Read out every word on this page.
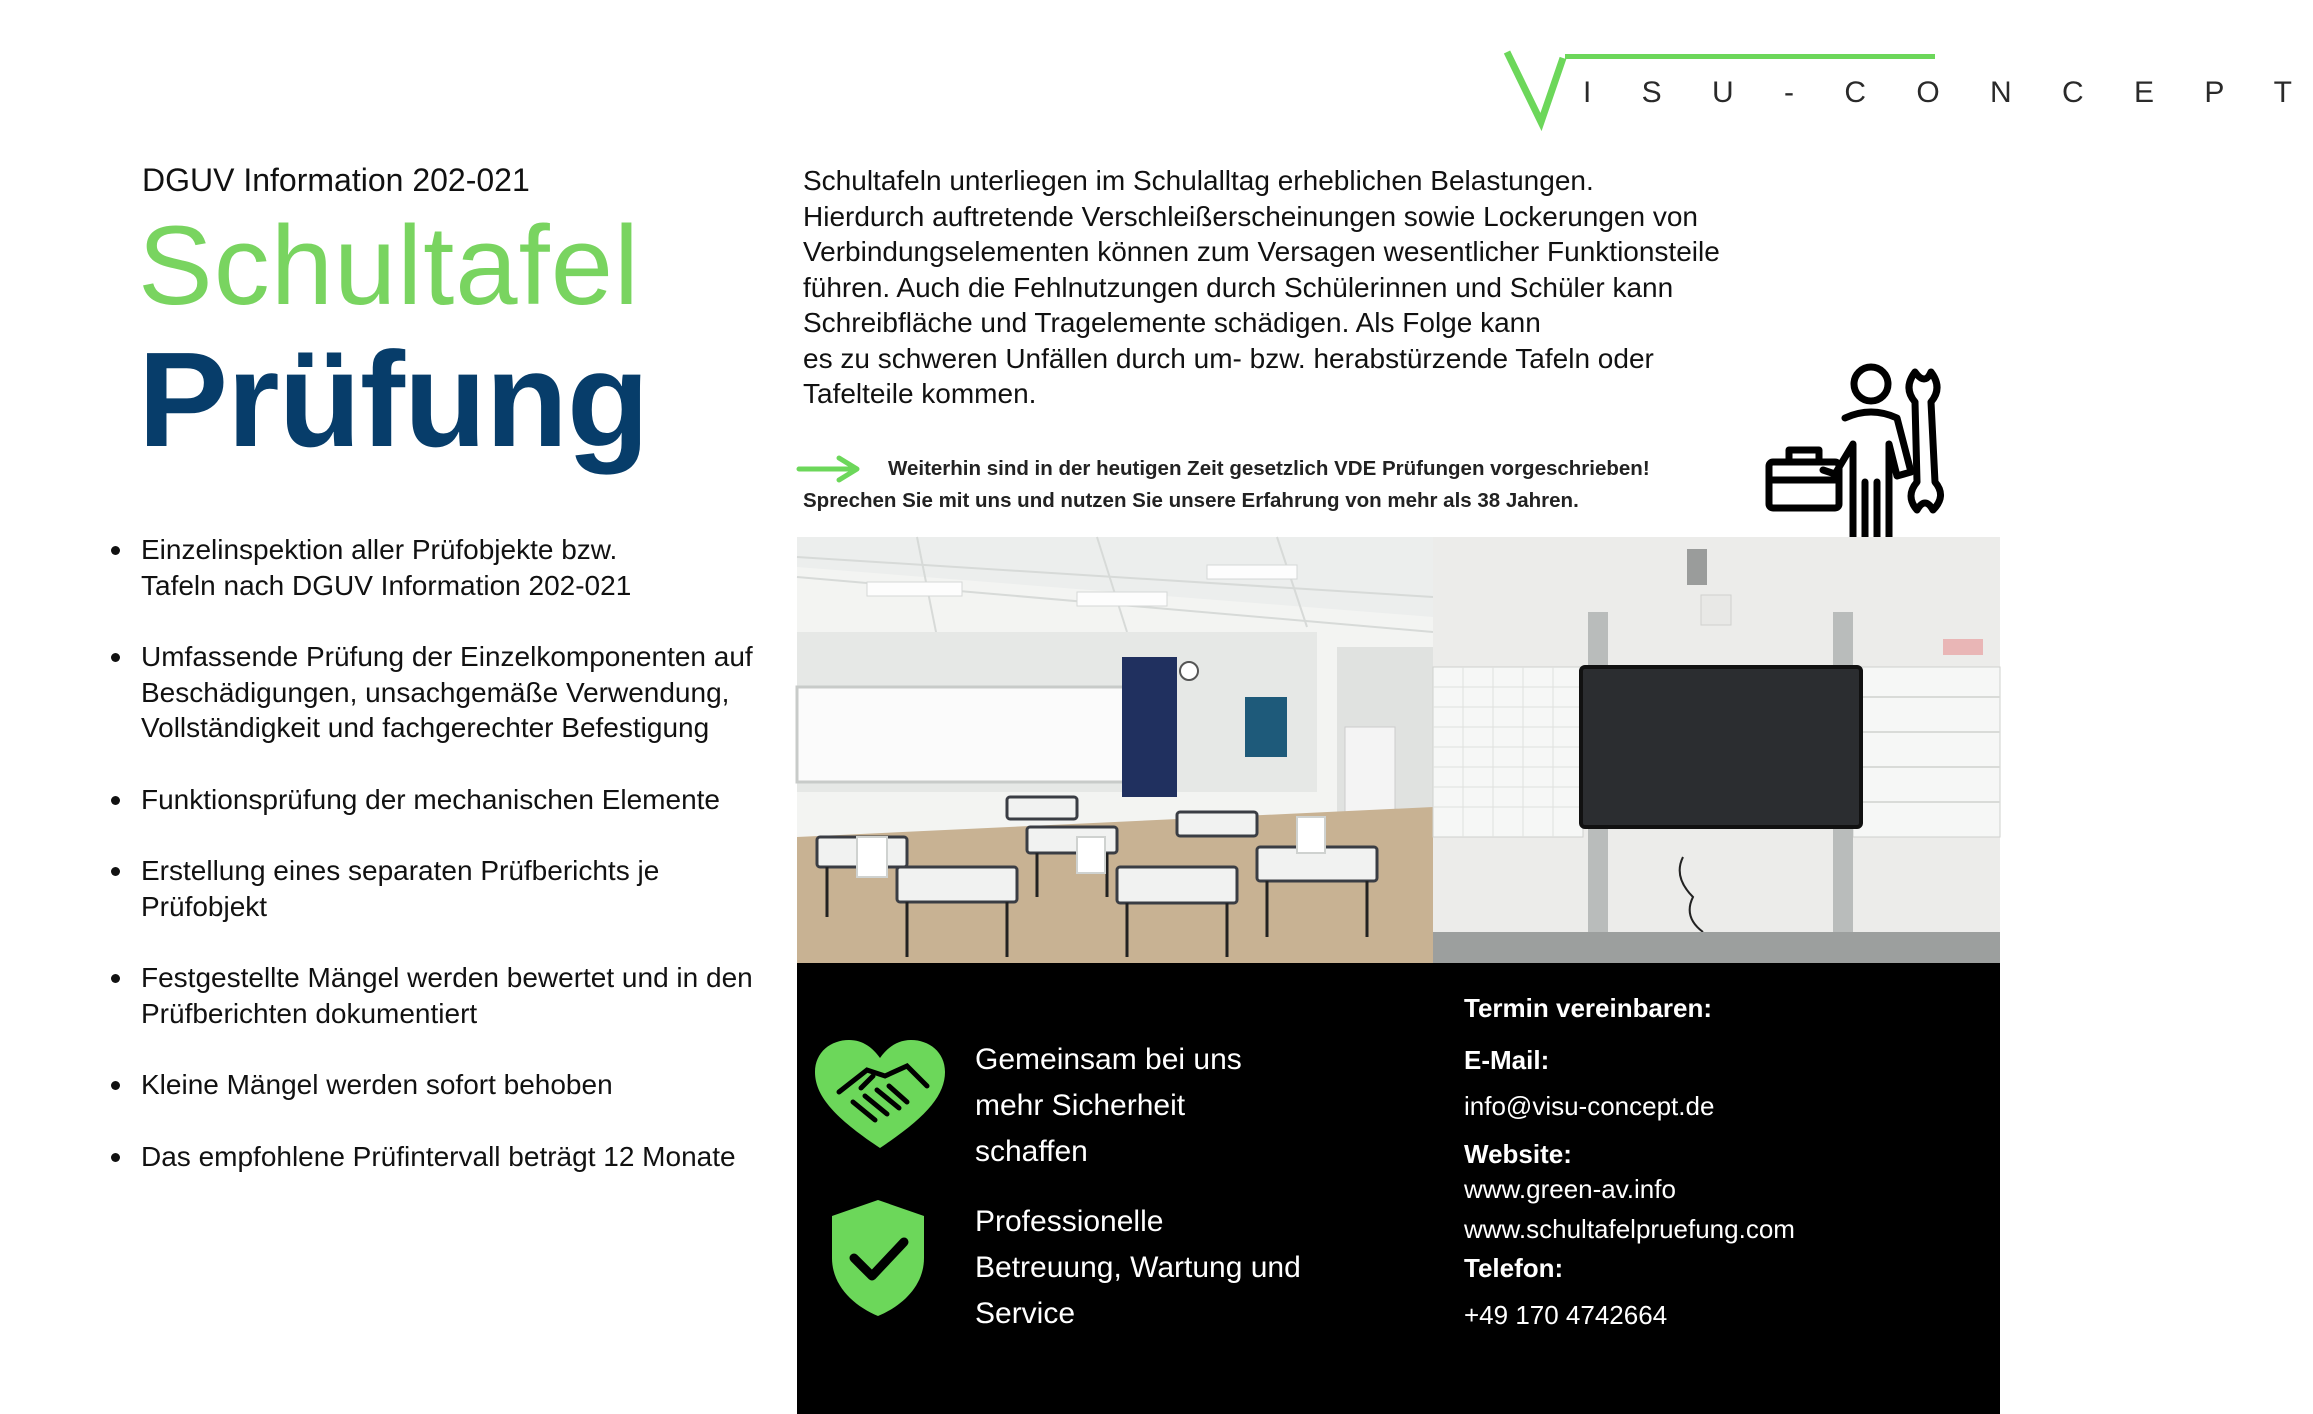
I S U - C O N C E P T
DGUV Information 202-021
Schultafel
Prüfung
Einzelinspektion aller Prüfobjekte bzw.
Tafeln nach DGUV Information 202-021
Umfassende Prüfung der Einzelkomponenten auf Beschädigungen, unsachgemäße Verwendung, Vollständigkeit und fachgerechter Befestigung
Funktionsprüfung der mechanischen Elemente
Erstellung eines separaten Prüfberichts je Prüfobjekt
Festgestellte Mängel werden bewertet und in den Prüfberichten dokumentiert
Kleine Mängel werden sofort behoben
Das empfohlene Prüfintervall beträgt 12 Monate

Schultafeln unterliegen im Schulalltag erheblichen Belastungen.
Hierdurch auftretende Verschleißerscheinungen sowie Lockerungen von
Verbindungselementen können zum Versagen wesentlicher Funktionsteile
führen. Auch die Fehlnutzungen durch Schülerinnen und Schüler kann
Schreibfläche und Tragelemente schädigen. Als Folge kann
es zu schweren Unfällen durch um- bzw. herabstürzende Tafeln oder
Tafelteile kommen.

Weiterhin sind in der heutigen Zeit gesetzlich VDE Prüfungen vorgeschrieben!
Sprechen Sie mit uns und nutzen Sie unsere Erfahrung von mehr als 38 Jahren.
Gemeinsam bei uns
mehr Sicherheit
schaffen
Professionelle
Betreuung, Wartung und
Service
Termin vereinbaren:
E-Mail:
info@visu-concept.de
Website:
www.green-av.info
www.schultafelpruefung.com
Telefon:
+49 170 4742664
